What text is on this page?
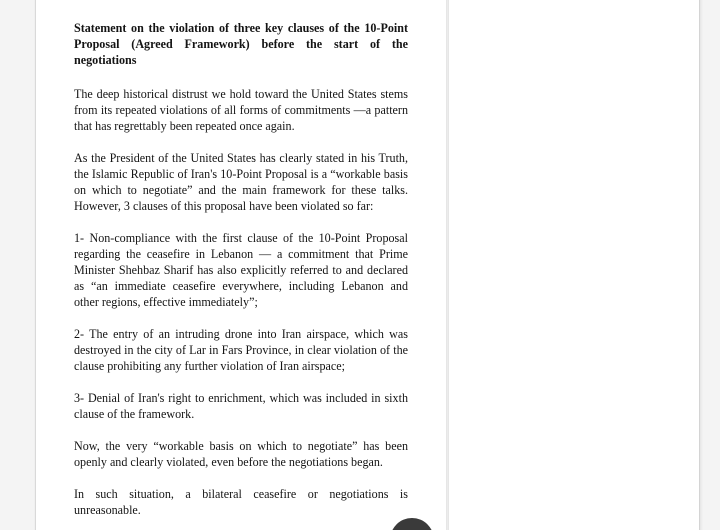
Statement on the violation of three key clauses of the 10-Point Proposal (Agreed Framework) before the start of the negotiations

The deep historical distrust we hold toward the United States stems from its repeated violations of all forms of commitments —a pattern that has regrettably been repeated once again.

As the President of the United States has clearly stated in his Truth, the Islamic Republic of Iran's 10-Point Proposal is a “workable basis on which to negotiate” and the main framework for these talks. However, 3 clauses of this proposal have been violated so far:

1- Non-compliance with the first clause of the 10-Point Proposal regarding the ceasefire in Lebanon — a commitment that Prime Minister Shehbaz Sharif has also explicitly referred to and declared as “an immediate ceasefire everywhere, including Lebanon and other regions, effective immediately”;

2- The entry of an intruding drone into Iran airspace, which was destroyed in the city of Lar in Fars Province, in clear violation of the clause prohibiting any further violation of Iran airspace;

3- Denial of Iran's right to enrichment, which was included in sixth clause of the framework.

Now, the very “workable basis on which to negotiate” has been openly and clearly violated, even before the negotiations began.

In such situation, a bilateral ceasefire or negotiations is unreasonable.
